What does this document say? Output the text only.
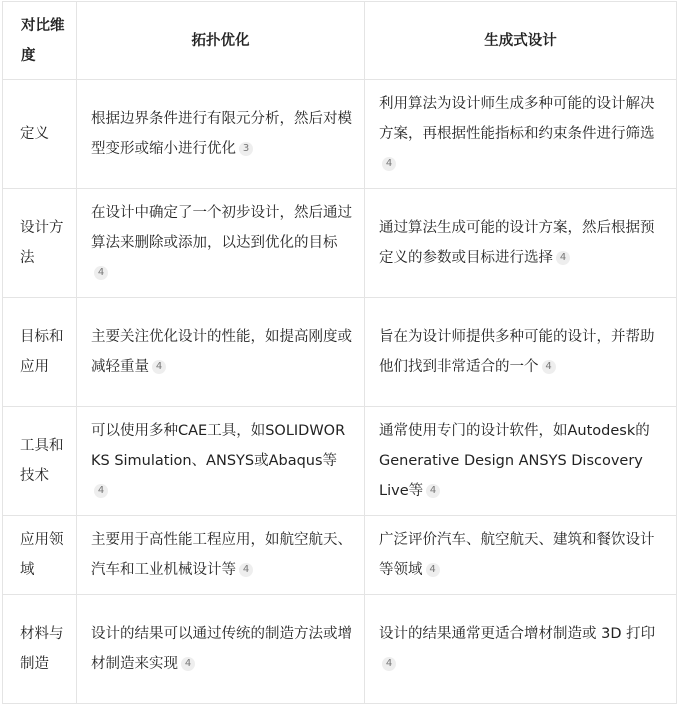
对比维度	拓扑优化	生成式设计
定义	根据边界条件进行有限元分析，然后对模型变形或缩小进行优化 3	利用算法为设计师生成多种可能的设计解决方案，再根据性能指标和约束条件进行筛选4
设计方法	在设计中确定了一个初步设计，然后通过算法来删除或添加，以达到优化的目标4	通过算法生成可能的设计方案，然后根据预定义的参数或目标进行选择 4
目标和应用	主要关注优化设计的性能，如提高刚度或减轻重量 4	旨在为设计师提供多种可能的设计，并帮助他们找到非常适合的一个 4
工具和技术	可以使用多种CAE工具，如SOLIDWORKS Simulation、ANSYS或Abaqus等4	通常使用专门的设计软件，如Autodesk的Generative Design ANSYS Discovery Live等 4
应用领域	主要用于高性能工程应用，如航空航天、汽车和工业机械设计等 4	广泛评价汽车、航空航天、建筑和餐饮设计等领域 4
材料与制造	设计的结果可以通过传统的制造方法或增材制造来实现 4	设计的结果通常更适合增材制造或 3D 打印4
